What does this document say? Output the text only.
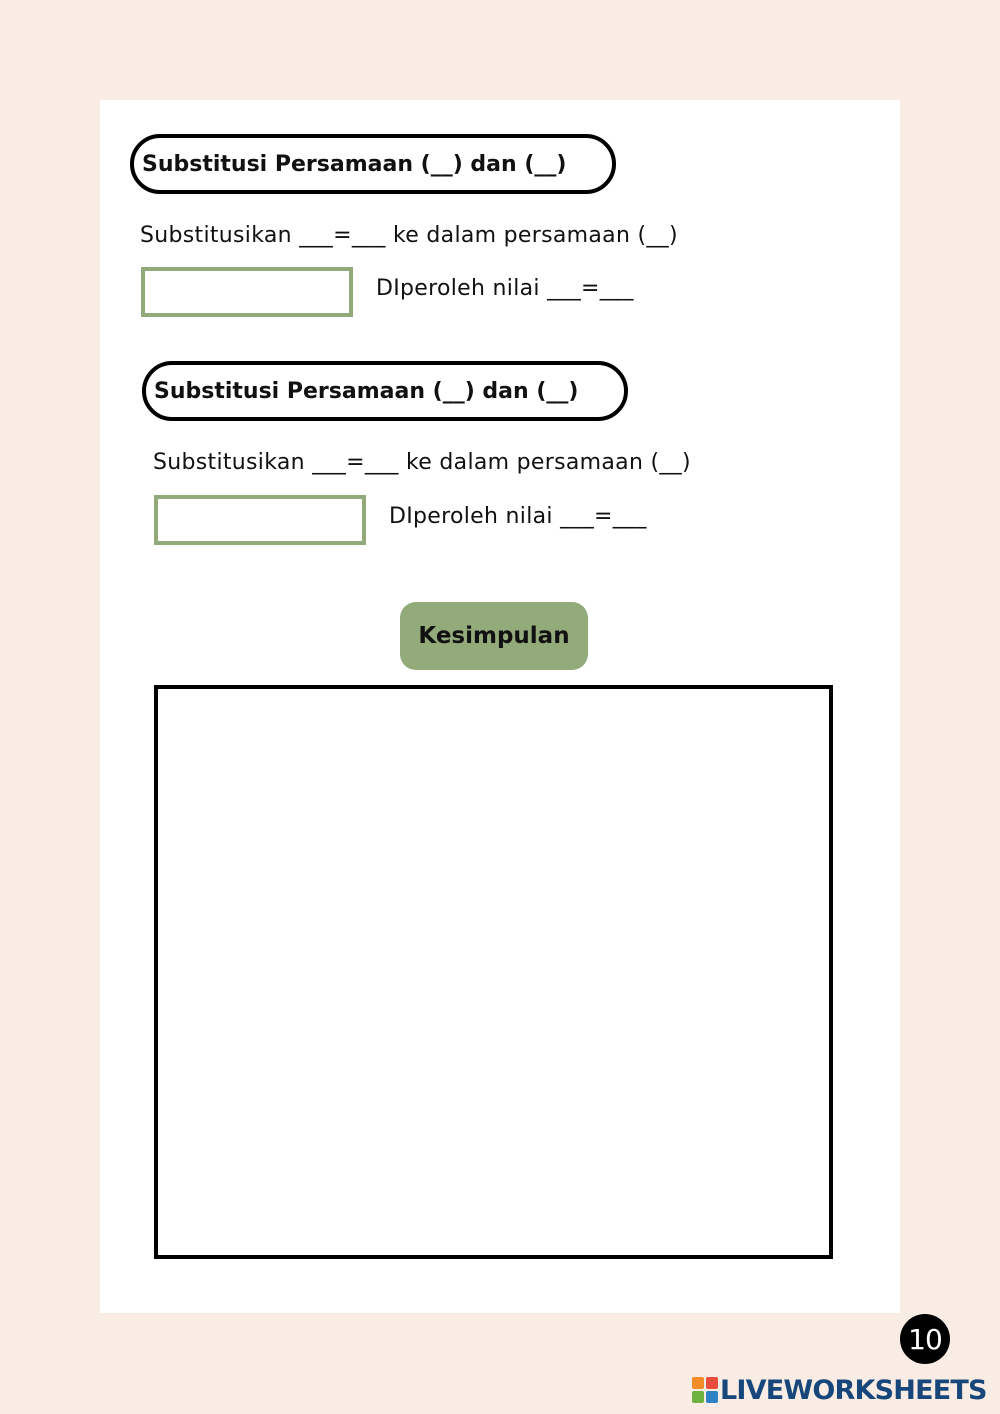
Substitusi Persamaan (__) dan (__)
Substitusikan ___=___ ke dalam persamaan (__)
DIperoleh nilai ___=___
Substitusi Persamaan (__) dan (__)
Substitusikan ___=___ ke dalam persamaan (__)
DIperoleh nilai ___=___
Kesimpulan
10
LIVEWORKSHEETS
